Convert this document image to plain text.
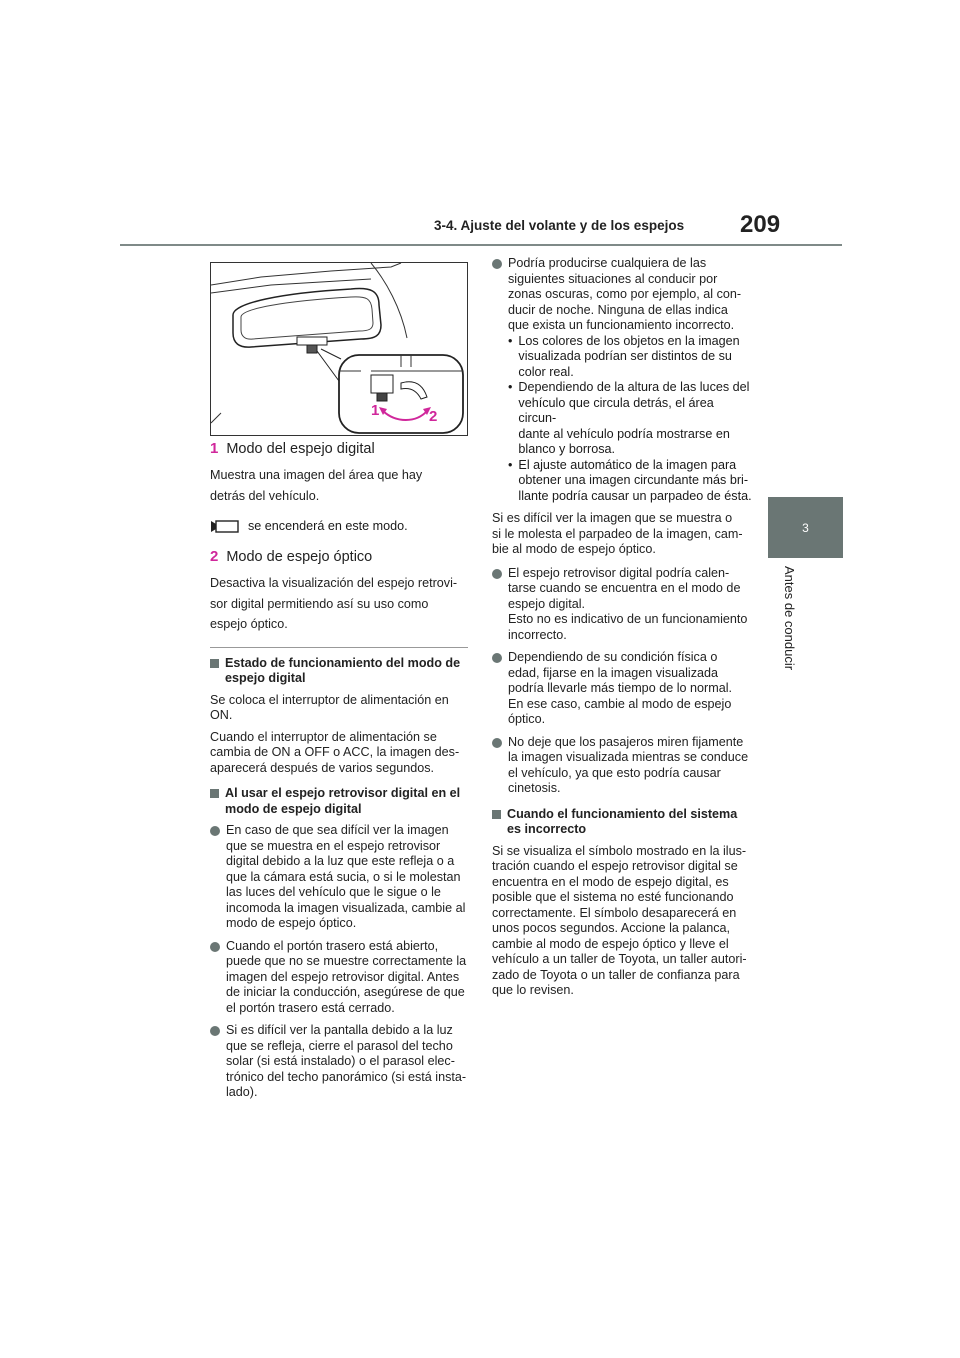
3-4. Ajuste del volante y de los espejos 209
3
Antes de conducir
1	2
1 Modo del espejo digital
Muestra una imagen del área que hay
detrás del vehículo.
se encenderá en este modo.
2 Modo de espejo óptico
Desactiva la visualización del espejo retrovi-
sor digital permitiendo así su uso como
espejo óptico.
Estado de funcionamiento del modo de
espejo digital
Se coloca el interruptor de alimentación en
ON.
Cuando el interruptor de alimentación se
cambia de ON a OFF o ACC, la imagen des-
aparecerá después de varios segundos.
Al usar el espejo retrovisor digital en el
modo de espejo digital
En caso de que sea difícil ver la imagen
que se muestra en el espejo retrovisor
digital debido a la luz que este refleja o a
que la cámara está sucia, o si le molestan
las luces del vehículo que le sigue o le
incomoda la imagen visualizada, cambie al
modo de espejo óptico.
Cuando el portón trasero está abierto,
puede que no se muestre correctamente la
imagen del espejo retrovisor digital. Antes
de iniciar la conducción, asegúrese de que
el portón trasero está cerrado.
Si es difícil ver la pantalla debido a la luz
que se refleja, cierre el parasol del techo
solar (si está instalado) o el parasol elec-
trónico del techo panorámico (si está insta-
lado).
Podría producirse cualquiera de las
siguientes situaciones al conducir por
zonas oscuras, como por ejemplo, al con-
ducir de noche. Ninguna de ellas indica
que exista un funcionamiento incorrecto.
• Los colores de los objetos en la imagen
visualizada podrían ser distintos de su
color real.
• Dependiendo de la altura de las luces del
vehículo que circula detrás, el área circun-
dante al vehículo podría mostrarse en
blanco y borrosa.
• El ajuste automático de la imagen para
obtener una imagen circundante más bri-
llante podría causar un parpadeo de ésta.
Si es difícil ver la imagen que se muestra o
si le molesta el parpadeo de la imagen, cam-
bie al modo de espejo óptico.
El espejo retrovisor digital podría calen-
tarse cuando se encuentra en el modo de
espejo digital.
Esto no es indicativo de un funcionamiento
incorrecto.
Dependiendo de su condición física o
edad, fijarse en la imagen visualizada
podría llevarle más tiempo de lo normal.
En ese caso, cambie al modo de espejo
óptico.
No deje que los pasajeros miren fijamente
la imagen visualizada mientras se conduce
el vehículo, ya que esto podría causar
cinetosis.
Cuando el funcionamiento del sistema
es incorrecto
Si se visualiza el símbolo mostrado en la ilus-
tración cuando el espejo retrovisor digital se
encuentra en el modo de espejo digital, es
posible que el sistema no esté funcionando
correctamente. El símbolo desaparecerá en
unos pocos segundos. Accione la palanca,
cambie al modo de espejo óptico y lleve el
vehículo a un taller de Toyota, un taller autori-
zado de Toyota o un taller de confianza para
que lo revisen.
